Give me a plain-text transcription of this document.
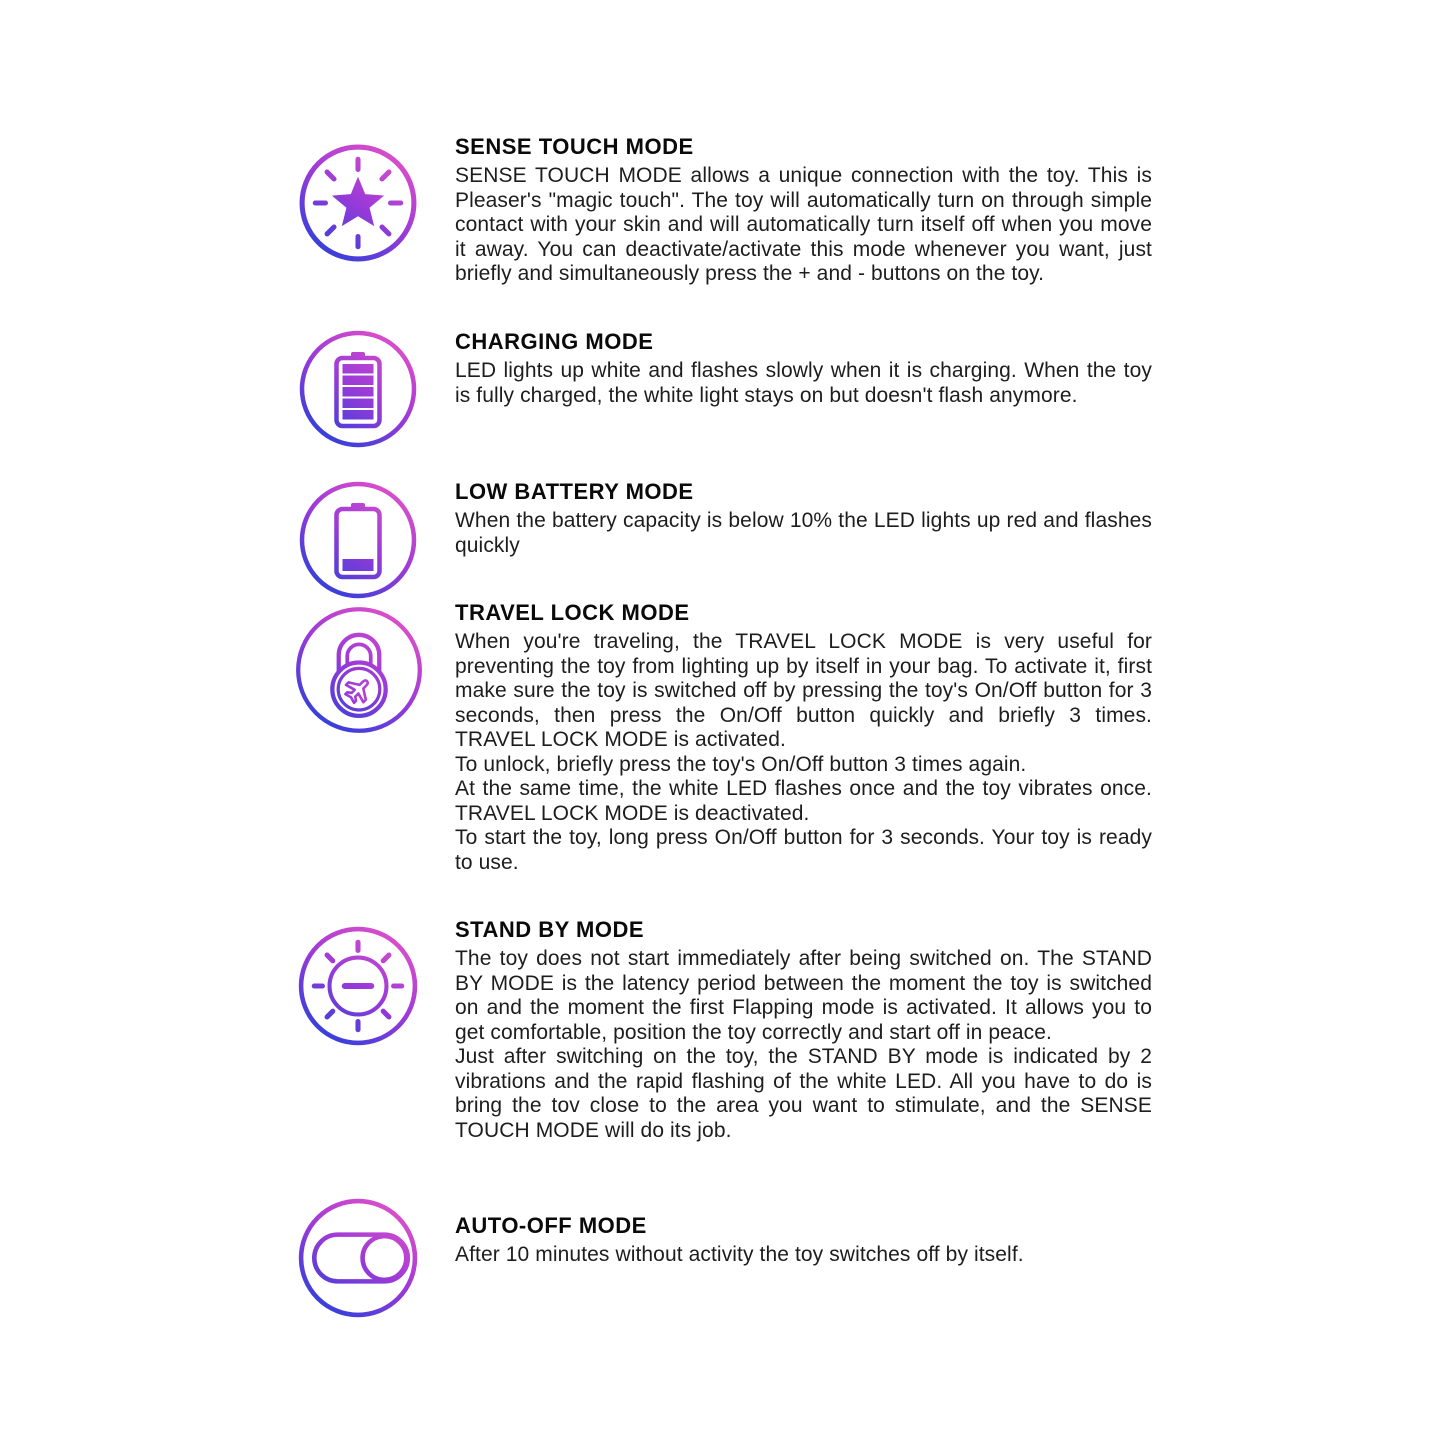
SENSE TOUCH MODE

SENSE TOUCH MODE allows a unique connection with the toy. This is Pleaser's "magic touch". The toy will automatically turn on through simple contact with your skin and will automatically turn itself off when you move it away. You can deactivate/activate this mode whenever you want, just briefly and simultaneously press the + and - buttons on the toy.

CHARGING MODE

LED lights up white and flashes slowly when it is charging. When the toy is fully charged, the white light stays on but doesn't flash anymore.

LOW BATTERY MODE

When the battery capacity is below 10% the LED lights up red and flashes quickly

TRAVEL LOCK MODE

When you're traveling, the TRAVEL LOCK MODE is very useful for preventing the toy from lighting up by itself in your bag. To activate it, first make sure the toy is switched off by pressing the toy's On/Off button for 3 seconds, then press the On/Off button quickly and briefly 3 times. TRAVEL LOCK MODE is activated.

To unlock, briefly press the toy's On/Off button 3 times again.

At the same time, the white LED flashes once and the toy vibrates once. TRAVEL LOCK MODE is deactivated.

To start the toy, long press On/Off button for 3 seconds. Your toy is ready to use.

STAND BY MODE

The toy does not start immediately after being switched on. The STAND BY MODE is the latency period between the moment the toy is switched on and the moment the first Flapping mode is activated. It allows you to get comfortable, position the toy correctly and start off in peace.

Just after switching on the toy, the STAND BY mode is indicated by 2 vibrations and the rapid flashing of the white LED. All you have to do is bring the tov close to the area you want to stimulate, and the SENSE TOUCH MODE will do its job.

AUTO-OFF MODE

After 10 minutes without activity the toy switches off by itself.
